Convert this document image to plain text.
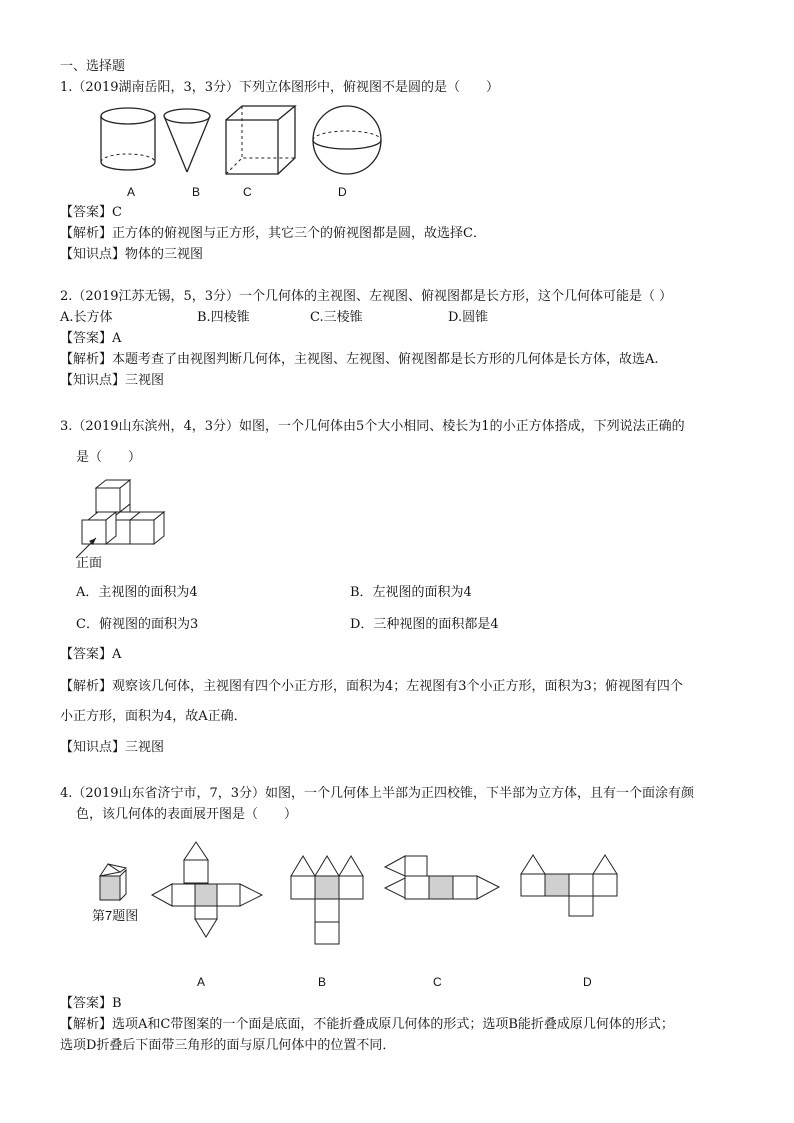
一、选择题
1.（2019湖南岳阳，3，3分）下列立体图形中，俯视图不是圆的是（　　）
A	B	C	D
【答案】C
【解析】正方体的俯视图与正方形，其它三个的俯视图都是圆，故选择C．
【知识点】物体的三视图
2.（2019江苏无锡，5，3分）一个几何体的主视图、左视图、俯视图都是长方形，这个几何体可能是（ ）
A.长方体	B.四棱锥	C.三棱锥	D.圆锥
【答案】A
【解析】本题考查了由视图判断几何体，主视图、左视图、俯视图都是长方形的几何体是长方体，故选A.
【知识点】三视图
3.（2019山东滨州，4，3分）如图，一个几何体由5个大小相同、棱长为1的小正方体搭成，下列说法正确的
是（　　）
正面
A．主视图的面积为4	B．左视图的面积为4
C．俯视图的面积为3	D．三种视图的面积都是4
【答案】A
【解析】观察该几何体，主视图有四个小正方形，面积为4；左视图有3个小正方形，面积为3；俯视图有四个
小正方形，面积为4，故A正确．
【知识点】三视图
4.（2019山东省济宁市，7，3分）如图，一个几何体上半部为正四校锥，下半部为立方体，且有一个面涂有颜
色，该几何体的表面展开图是（　　）
第7题图
A	B	C	D
【答案】B
【解析】选项A和C带图案的一个面是底面，不能折叠成原几何体的形式；选项B能折叠成原几何体的形式；
选项D折叠后下面带三角形的面与原几何体中的位置不同．
